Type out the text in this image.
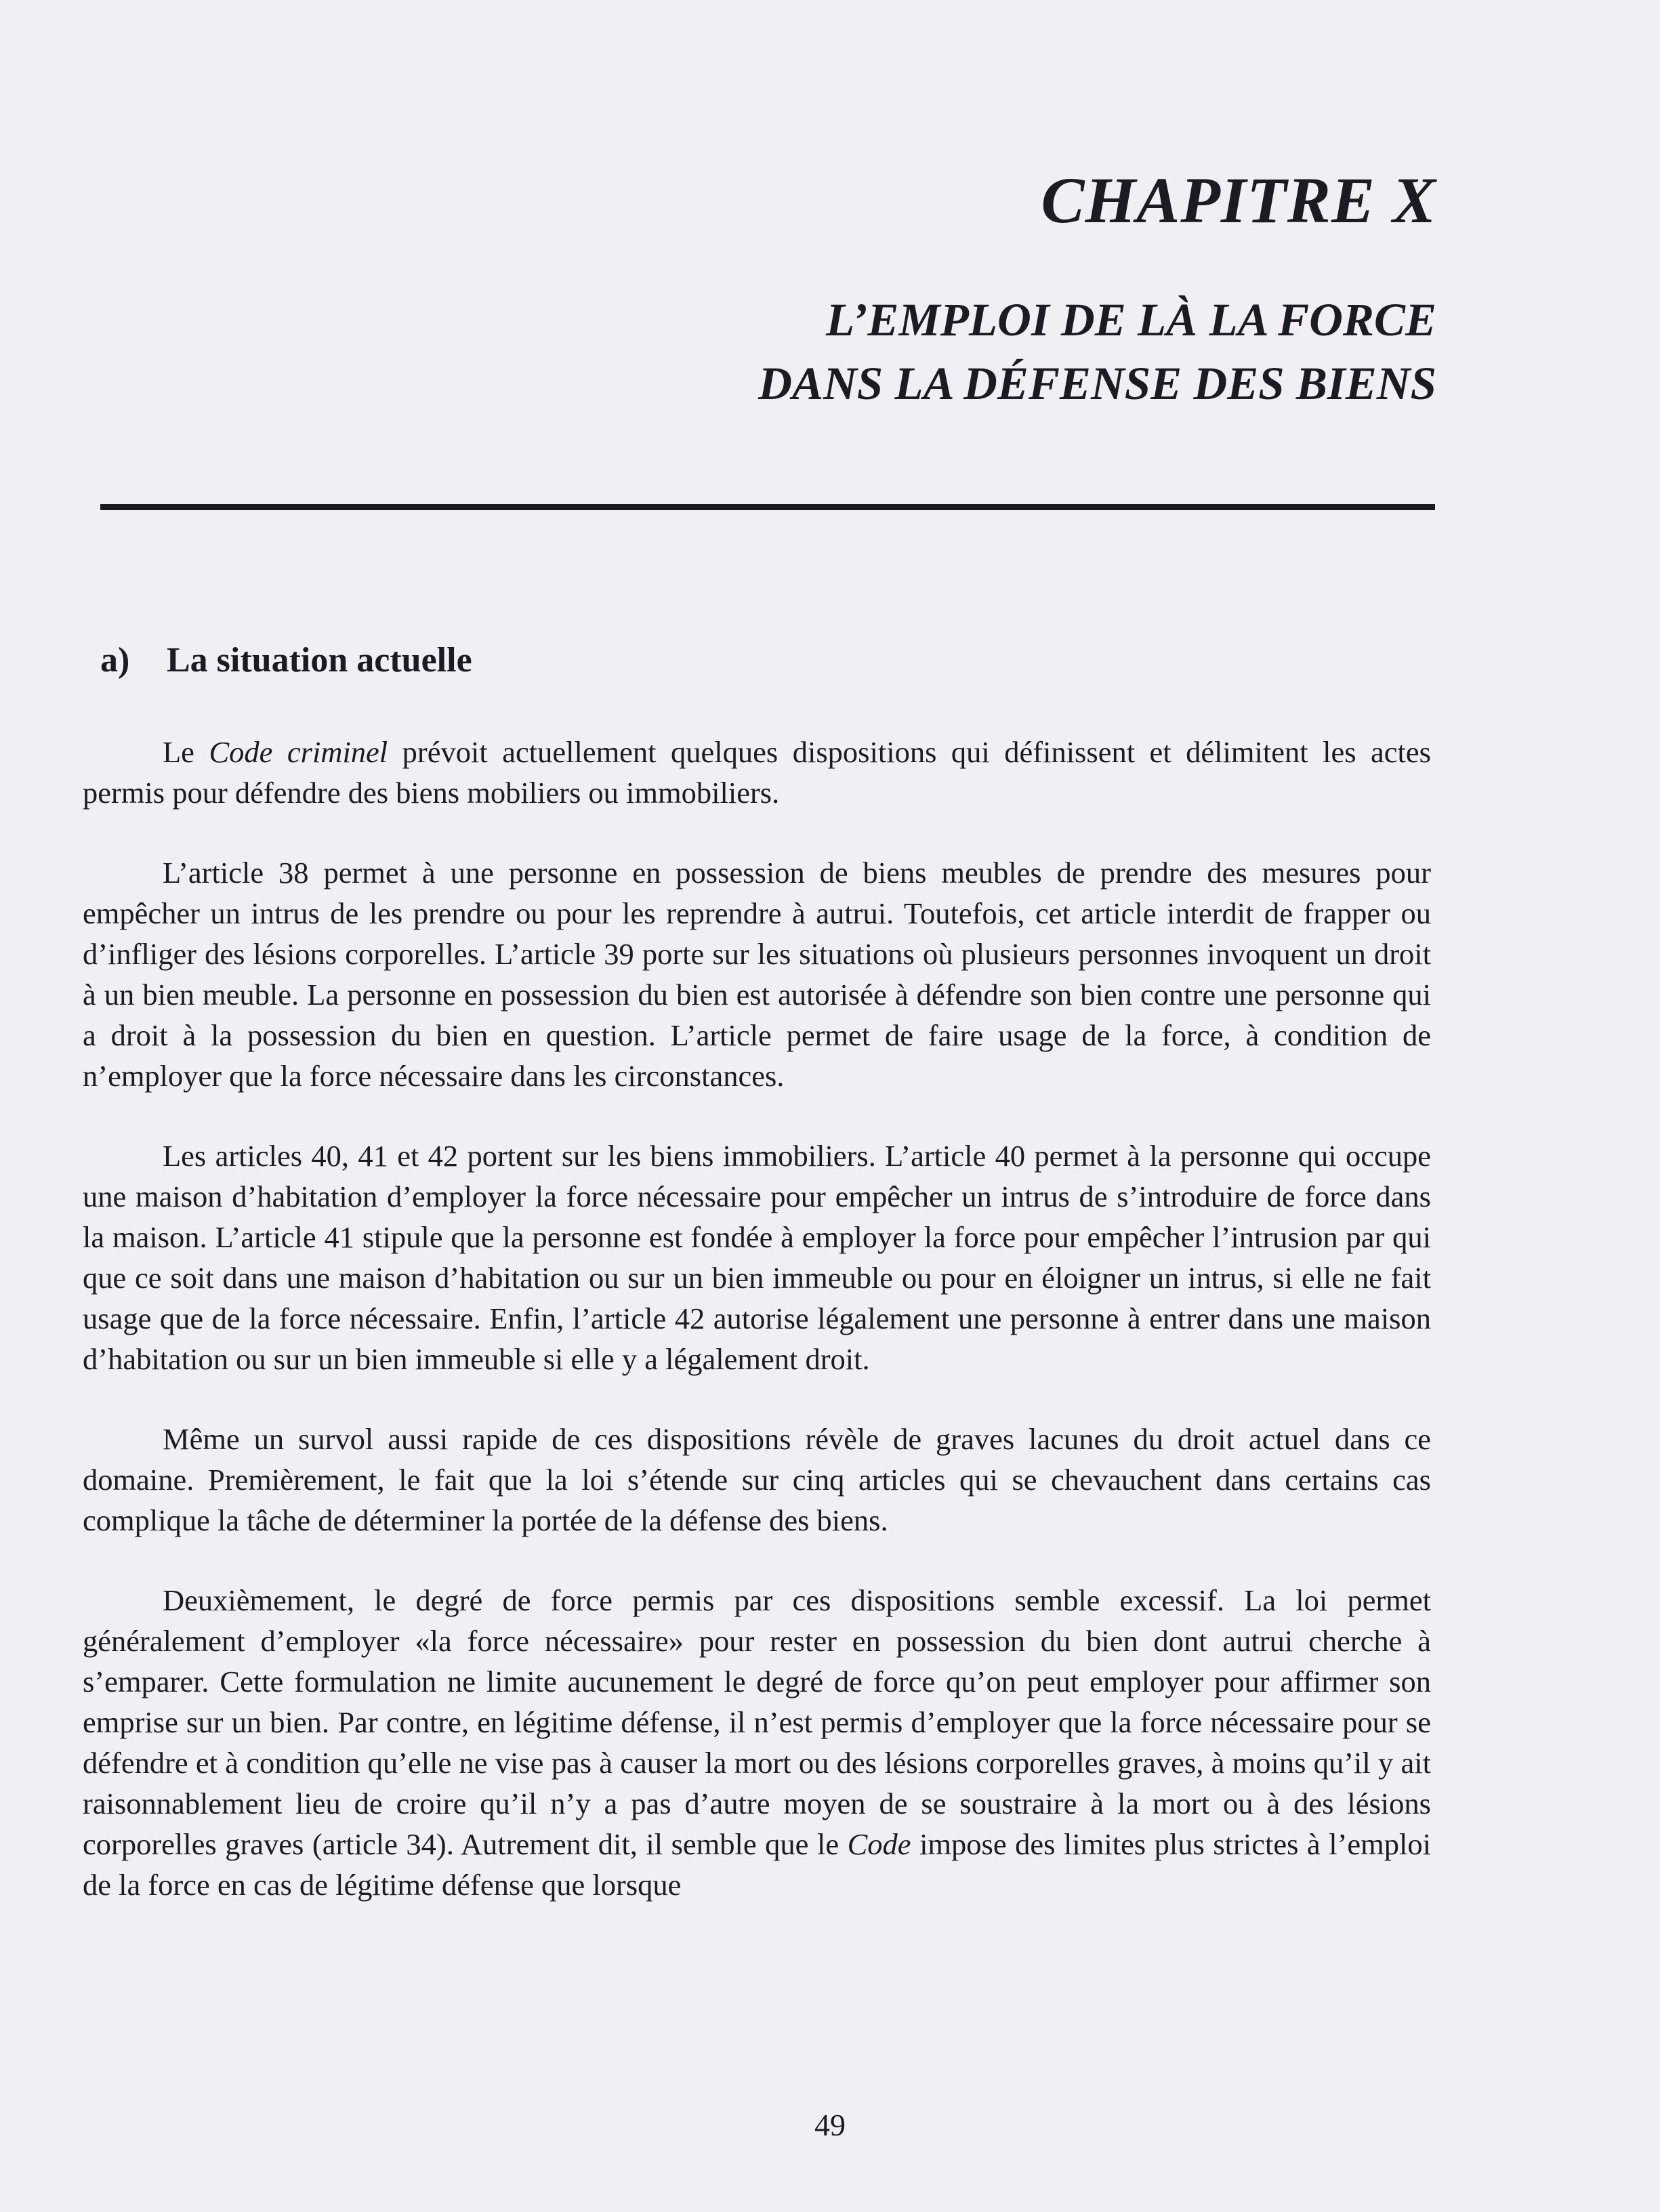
CHAPITRE X
L’EMPLOI DE LÀ LA FORCE
DANS LA DÉFENSE DES BIENS
a) La situation actuelle

Le Code criminel prévoit actuellement quelques dispositions qui définissent et délimitent les actes permis pour défendre des biens mobiliers ou immobiliers.

L’article 38 permet à une personne en possession de biens meubles de prendre des mesures pour empêcher un intrus de les prendre ou pour les reprendre à autrui. Toutefois, cet article interdit de frapper ou d’infliger des lésions corporelles. L’article 39 porte sur les situations où plusieurs personnes invoquent un droit à un bien meuble. La personne en possession du bien est autorisée à défendre son bien contre une personne qui a droit à la possession du bien en question. L’article permet de faire usage de la force, à condition de n’employer que la force nécessaire dans les circonstances.

Les articles 40, 41 et 42 portent sur les biens immobiliers. L’article 40 permet à la personne qui occupe une maison d’habitation d’employer la force nécessaire pour empêcher un intrus de s’introduire de force dans la maison. L’article 41 stipule que la personne est fondée à employer la force pour empêcher l’intrusion par qui que ce soit dans une maison d’habitation ou sur un bien immeuble ou pour en éloigner un intrus, si elle ne fait usage que de la force nécessaire. Enfin, l’article 42 autorise légalement une personne à entrer dans une maison d’habitation ou sur un bien immeuble si elle y a légalement droit.

Même un survol aussi rapide de ces dispositions révèle de graves lacunes du droit actuel dans ce domaine. Premièrement, le fait que la loi s’étende sur cinq articles qui se chevauchent dans certains cas complique la tâche de déterminer la portée de la défense des biens.

Deuxièmement, le degré de force permis par ces dispositions semble excessif. La loi permet généralement d’employer «la force nécessaire» pour rester en possession du bien dont autrui cherche à s’emparer. Cette formulation ne limite aucunement le degré de force qu’on peut employer pour affirmer son emprise sur un bien. Par contre, en légitime défense, il n’est permis d’employer que la force nécessaire pour se défendre et à condition qu’elle ne vise pas à causer la mort ou des lésions corporelles graves, à moins qu’il y ait raisonnablement lieu de croire qu’il n’y a pas d’autre moyen de se soustraire à la mort ou à des lésions corporelles graves (article 34). Autrement dit, il semble que le Code impose des limites plus strictes à l’emploi de la force en cas de légitime défense que lorsque

49
